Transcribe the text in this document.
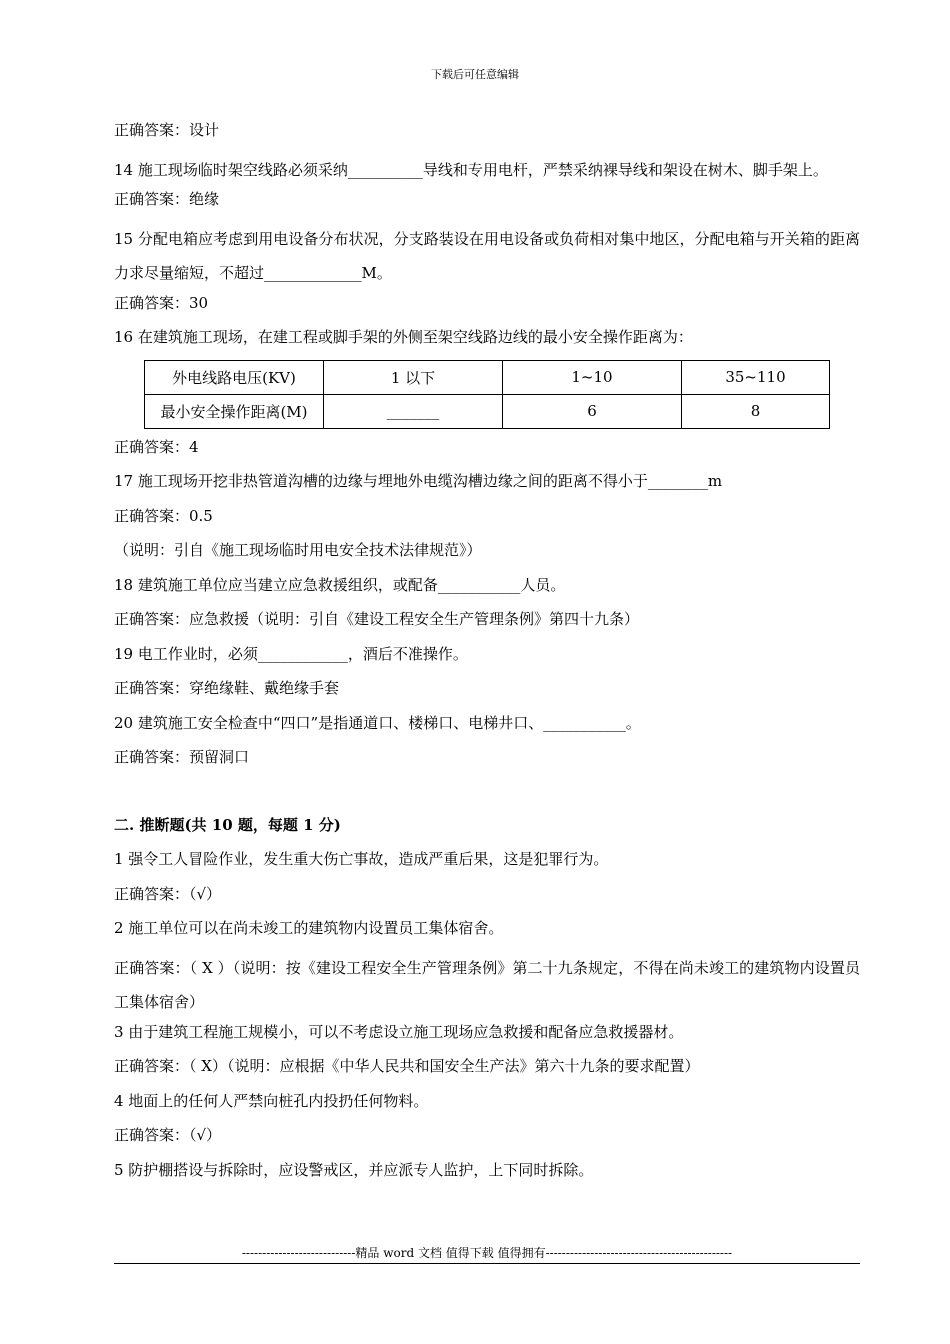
下载后可任意编辑
正确答案：设计
14 施工现场临时架空线路必须采纳__________导线和专用电杆，严禁采纳裸导线和架设在树木、脚手架上。
正确答案：绝缘
15 分配电箱应考虑到用电设备分布状况，分支路装设在用电设备或负荷相对集中地区，分配电箱与开关箱的距离力求尽量缩短，不超过_____________M。
正确答案：30
16 在建筑施工现场，在建工程或脚手架的外侧至架空线路边线的最小安全操作距离为：
外电线路电压(KV)	1 以下	1~10	35~110
最小安全操作距离(M)	_______	6	8
正确答案：4
17 施工现场开挖非热管道沟槽的边缘与埋地外电缆沟槽边缘之间的距离不得小于________m
正确答案：0.5
（说明：引自《施工现场临时用电安全技术法律规范》）
18 建筑施工单位应当建立应急救援组织，或配备___________人员。
正确答案：应急救援（说明：引自《建设工程安全生产管理条例》第四十九条）
19 电工作业时，必须____________，酒后不准操作。
正确答案：穿绝缘鞋、戴绝缘手套
20 建筑施工安全检查中“四口”是指通道口、楼梯口、电梯井口、___________。
正确答案：预留洞口
二. 推断题(共 10 题，每题 1 分)
1 强令工人冒险作业，发生重大伤亡事故，造成严重后果，这是犯罪行为。
正确答案：（√）
2 施工单位可以在尚未竣工的建筑物内设置员工集体宿舍。
正确答案：（ X ）（说明：按《建设工程安全生产管理条例》第二十九条规定，不得在尚未竣工的建筑物内设置员工集体宿舍）
3 由于建筑工程施工规模小，可以不考虑设立施工现场应急救援和配备应急救援器材。
正确答案：（ X）（说明：应根据《中华人民共和国安全生产法》第六十九条的要求配置）
4 地面上的任何人严禁向桩孔内投扔任何物料。
正确答案：（√）
5 防护棚搭设与拆除时，应设警戒区，并应派专人监护，上下同时拆除。
----------------------------精品 word 文档 值得下载 值得拥有----------------------------------------------
